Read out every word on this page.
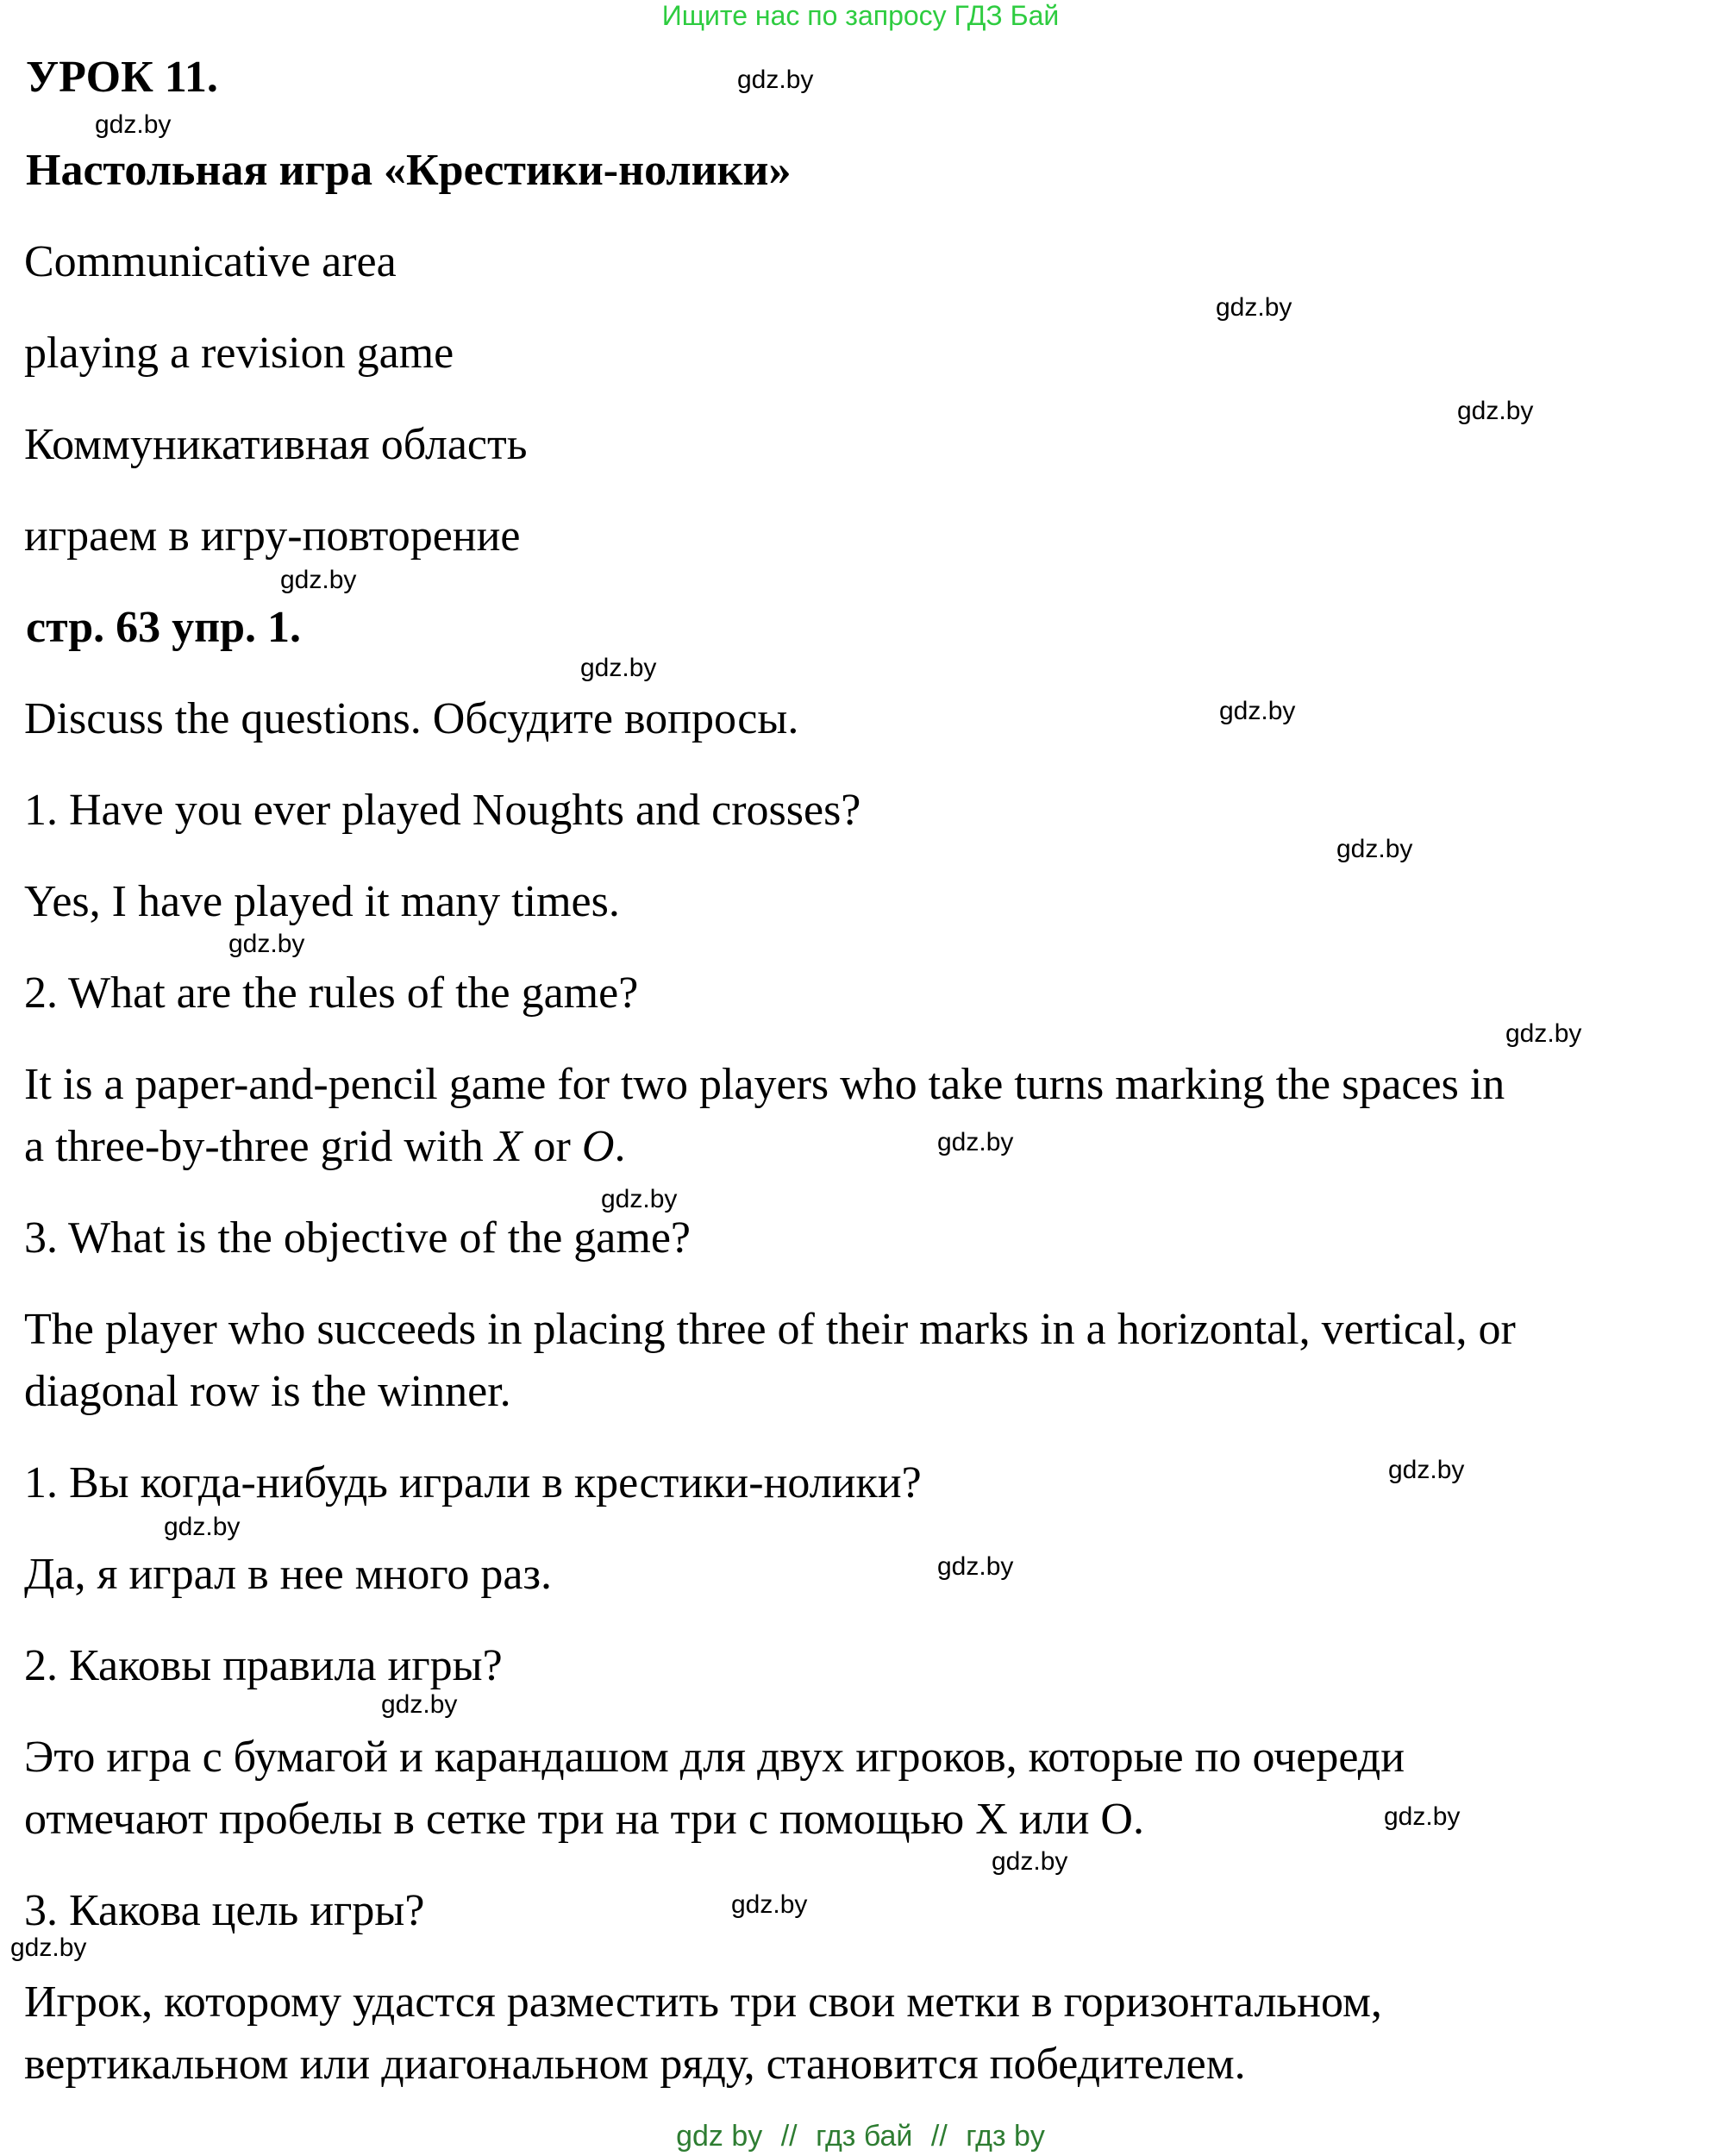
Ищите нас по запросу ГДЗ Бай
УРОК 11.
Настольная игра «Крестики-нолики»
Communicative area
playing a revision game
Коммуникативная область
играем в игру-повторение
стр. 63 упр. 1.
Discuss the questions. Обсудите вопросы.
1. Have you ever played Noughts and crosses?
Yes, I have played it many times.
2. What are the rules of the game?
It is a paper-and-pencil game for two players who take turns marking the spaces in
a three-by-three grid with X or O.
3. What is the objective of the game?
The player who succeeds in placing three of their marks in a horizontal, vertical, or
diagonal row is the winner.
1. Вы когда-нибудь играли в крестики-нолики?
Да, я играл в нее много раз.
2. Каковы правила игры?
Это игра с бумагой и карандашом для двух игроков, которые по очереди
отмечают пробелы в сетке три на три с помощью X или O.
3. Какова цель игры?
Игрок, которому удастся разместить три свои метки в горизонтальном,
вертикальном или диагональном ряду, становится победителем.
gdz.by
gdz.by
gdz.by
gdz.by
gdz.by
gdz.by
gdz.by
gdz.by
gdz.by
gdz.by
gdz.by
gdz.by
gdz.by
gdz.by
gdz.by
gdz.by
gdz.by
gdz.by
gdz.by
gdz.by
gdz by // гдз бай // гдз by
